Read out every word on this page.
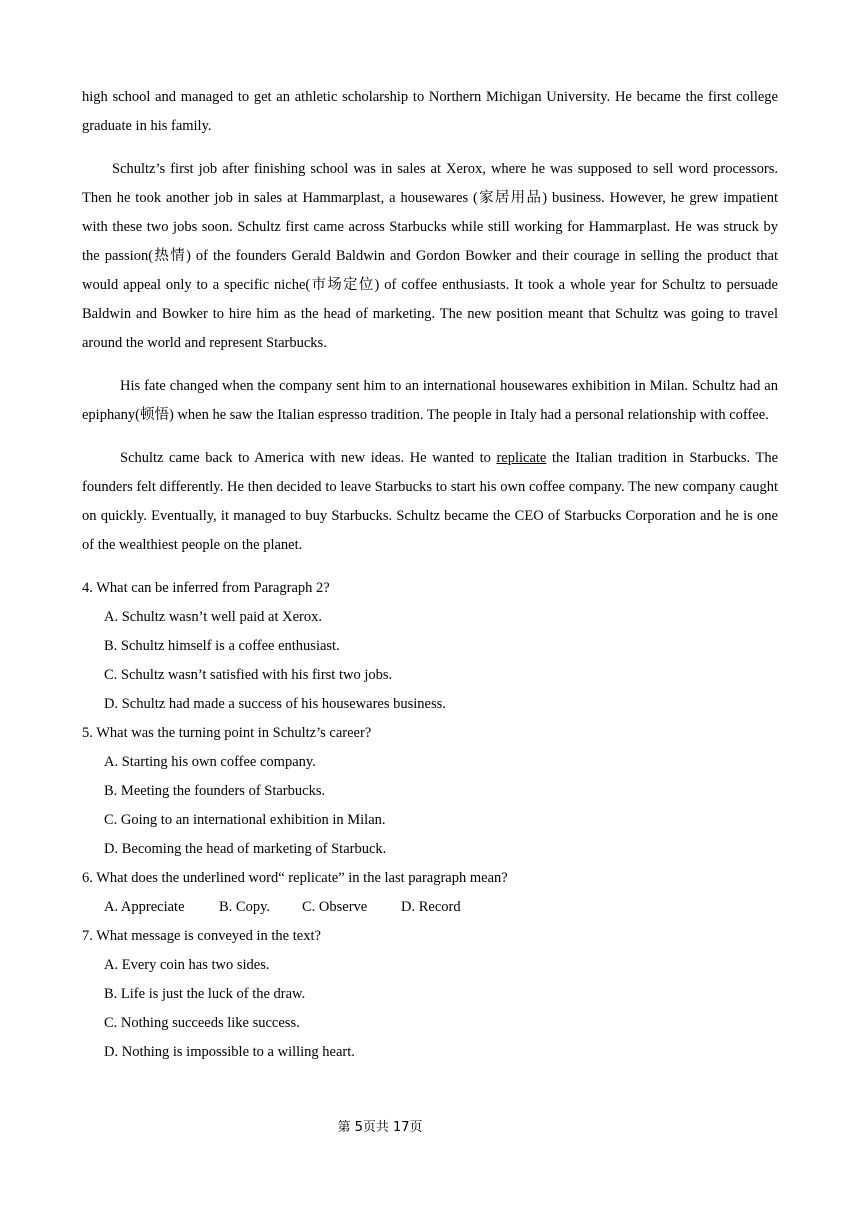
high school and managed to get an athletic scholarship to Northern Michigan University. He became the first college graduate in his family.

Schultz’s first job after finishing school was in sales at Xerox, where he was supposed to sell word processors. Then he took another job in sales at Hammarplast, a housewares (家居用品) business. However, he grew impatient with these two jobs soon. Schultz first came across Starbucks while still working for Hammarplast. He was struck by the passion(热情) of the founders Gerald Baldwin and Gordon Bowker and their courage in selling the product that would appeal only to a specific niche(市场定位) of coffee enthusiasts. It took a whole year for Schultz to persuade Baldwin and Bowker to hire him as the head of marketing. The new position meant that Schultz was going to travel around the world and represent Starbucks.

His fate changed when the company sent him to an international housewares exhibition in Milan. Schultz had an epiphany(顿悟) when he saw the Italian espresso tradition. The people in Italy had a personal relationship with coffee.

Schultz came back to America with new ideas. He wanted to replicate the Italian tradition in Starbucks. The founders felt differently. He then decided to leave Starbucks to start his own coffee company. The new company caught on quickly. Eventually, it managed to buy Starbucks. Schultz became the CEO of Starbucks Corporation and he is one of the wealthiest people on the planet.

4. What can be inferred from Paragraph 2?

A. Schultz wasn’t well paid at Xerox.

B. Schultz himself is a coffee enthusiast.

C. Schultz wasn’t satisfied with his first two jobs.

D. Schultz had made a success of his housewares business.

5. What was the turning point in Schultz’s career?

A. Starting his own coffee company.

B. Meeting the founders of Starbucks.

C. Going to an international exhibition in Milan.

D. Becoming the head of marketing of Starbuck.

6. What does the underlined word“ replicate” in the last paragraph mean?

A. Appreciate	B. Copy.	C. Observe	D. Record

7. What message is conveyed in the text?

A. Every coin has two sides.

B. Life is just the luck of the draw.

C. Nothing succeeds like success.

D. Nothing is impossible to a willing heart.

第 5页共 17页
